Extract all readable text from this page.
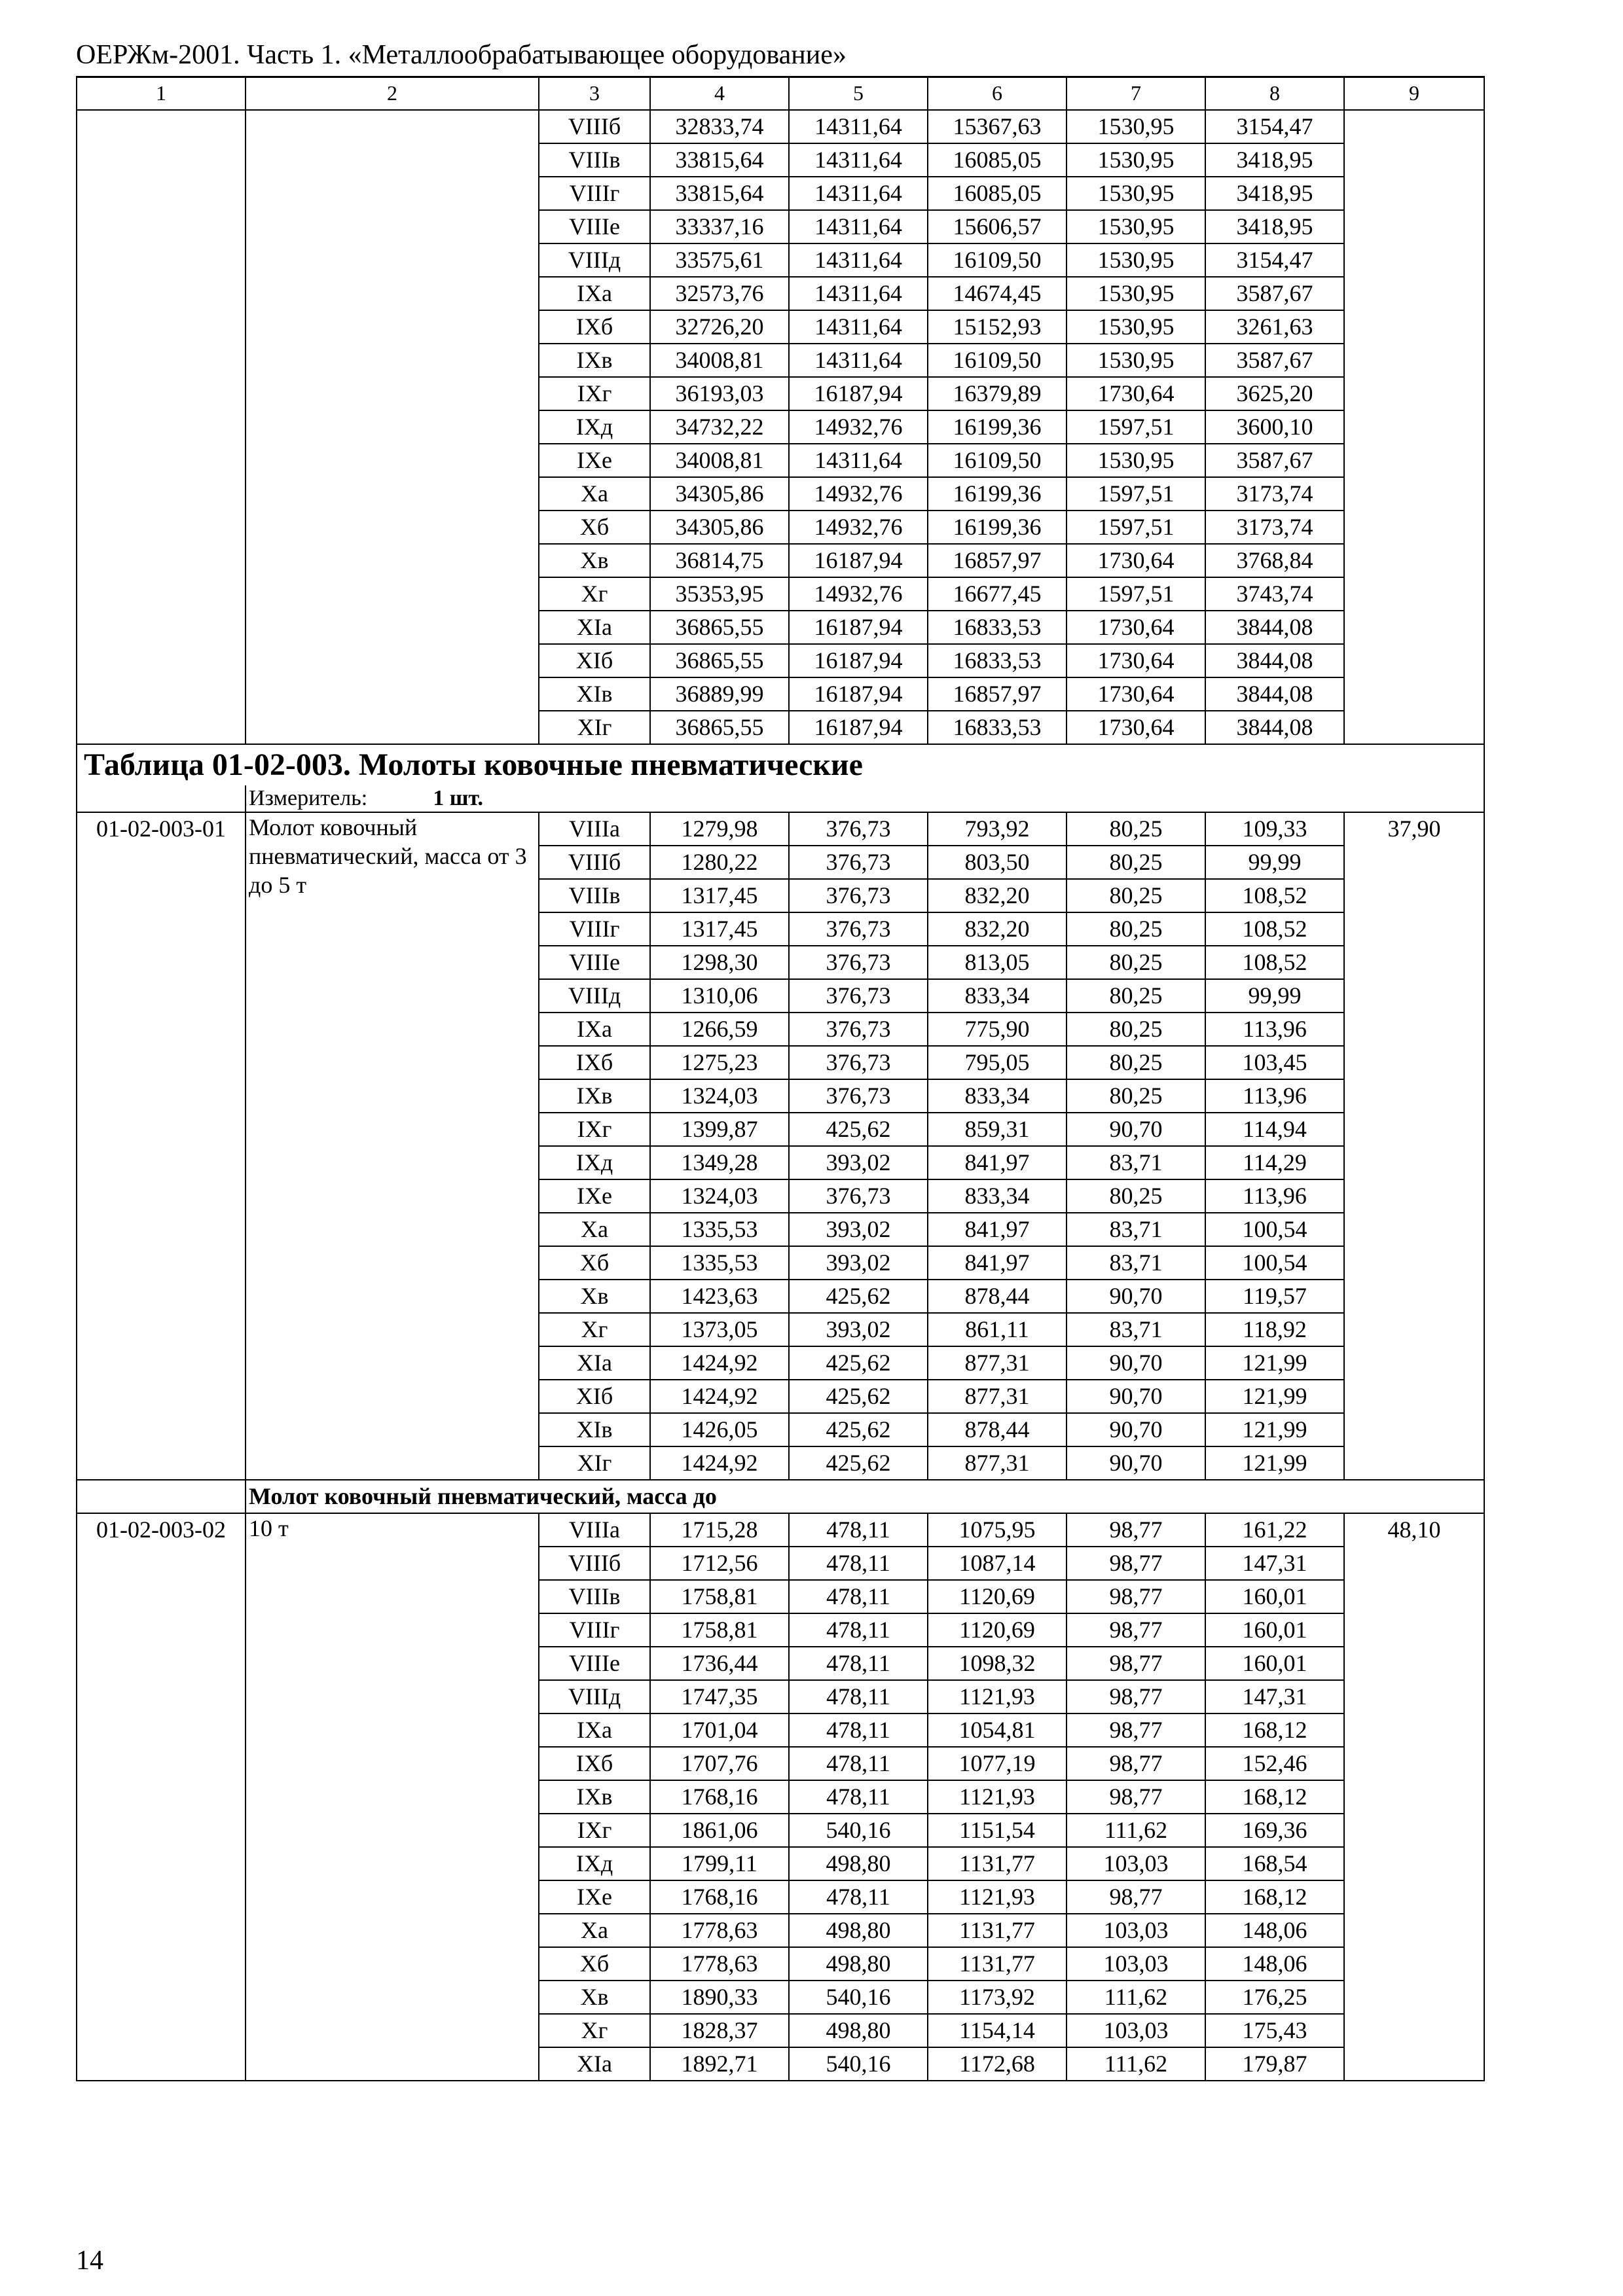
ОЕРЖм-2001. Часть 1. «Металлообрабатывающее оборудование»
1	2	3	4	5	6	7	8	9
		VIIIб	32833,74	14311,64	15367,63	1530,95	3154,47	
		VIIIв	33815,64	14311,64	16085,05	1530,95	3418,95	
		VIIIг	33815,64	14311,64	16085,05	1530,95	3418,95	
		VIIIе	33337,16	14311,64	15606,57	1530,95	3418,95	
		VIIIд	33575,61	14311,64	16109,50	1530,95	3154,47	
		IXа	32573,76	14311,64	14674,45	1530,95	3587,67	
		IXб	32726,20	14311,64	15152,93	1530,95	3261,63	
		IXв	34008,81	14311,64	16109,50	1530,95	3587,67	
		IXг	36193,03	16187,94	16379,89	1730,64	3625,20	
		IXд	34732,22	14932,76	16199,36	1597,51	3600,10	
		IXе	34008,81	14311,64	16109,50	1530,95	3587,67	
		Xа	34305,86	14932,76	16199,36	1597,51	3173,74	
		Xб	34305,86	14932,76	16199,36	1597,51	3173,74	
		Xв	36814,75	16187,94	16857,97	1730,64	3768,84	
		Xг	35353,95	14932,76	16677,45	1597,51	3743,74	
		XIа	36865,55	16187,94	16833,53	1730,64	3844,08	
		XIб	36865,55	16187,94	16833,53	1730,64	3844,08	
		XIв	36889,99	16187,94	16857,97	1730,64	3844,08	
		XIг	36865,55	16187,94	16833,53	1730,64	3844,08	
Таблица 01-02-003. Молоты ковочные пневматические								
	Измеритель: 1 шт.							
01-02-003-01	Молот ковочный пневматический, масса от 3 до 5 т	VIIIа	1279,98	376,73	793,92	80,25	109,33	37,90
		VIIIб	1280,22	376,73	803,50	80,25	99,99	
		VIIIв	1317,45	376,73	832,20	80,25	108,52	
		VIIIг	1317,45	376,73	832,20	80,25	108,52	
		VIIIе	1298,30	376,73	813,05	80,25	108,52	
		VIIIд	1310,06	376,73	833,34	80,25	99,99	
		IXа	1266,59	376,73	775,90	80,25	113,96	
		IXб	1275,23	376,73	795,05	80,25	103,45	
		IXв	1324,03	376,73	833,34	80,25	113,96	
		IXг	1399,87	425,62	859,31	90,70	114,94	
		IXд	1349,28	393,02	841,97	83,71	114,29	
		IXе	1324,03	376,73	833,34	80,25	113,96	
		Xа	1335,53	393,02	841,97	83,71	100,54	
		Xб	1335,53	393,02	841,97	83,71	100,54	
		Xв	1423,63	425,62	878,44	90,70	119,57	
		Xг	1373,05	393,02	861,11	83,71	118,92	
		XIа	1424,92	425,62	877,31	90,70	121,99	
		XIб	1424,92	425,62	877,31	90,70	121,99	
		XIв	1426,05	425,62	878,44	90,70	121,99	
		XIг	1424,92	425,62	877,31	90,70	121,99	
	Молот ковочный пневматический, масса до							
01-02-003-02	10 т	VIIIа	1715,28	478,11	1075,95	98,77	161,22	48,10
		VIIIб	1712,56	478,11	1087,14	98,77	147,31	
		VIIIв	1758,81	478,11	1120,69	98,77	160,01	
		VIIIг	1758,81	478,11	1120,69	98,77	160,01	
		VIIIе	1736,44	478,11	1098,32	98,77	160,01	
		VIIIд	1747,35	478,11	1121,93	98,77	147,31	
		IXа	1701,04	478,11	1054,81	98,77	168,12	
		IXб	1707,76	478,11	1077,19	98,77	152,46	
		IXв	1768,16	478,11	1121,93	98,77	168,12	
		IXг	1861,06	540,16	1151,54	111,62	169,36	
		IXд	1799,11	498,80	1131,77	103,03	168,54	
		IXе	1768,16	478,11	1121,93	98,77	168,12	
		Xа	1778,63	498,80	1131,77	103,03	148,06	
		Xб	1778,63	498,80	1131,77	103,03	148,06	
		Xв	1890,33	540,16	1173,92	111,62	176,25	
		Xг	1828,37	498,80	1154,14	103,03	175,43	
		XIа	1892,71	540,16	1172,68	111,62	179,87	
14
